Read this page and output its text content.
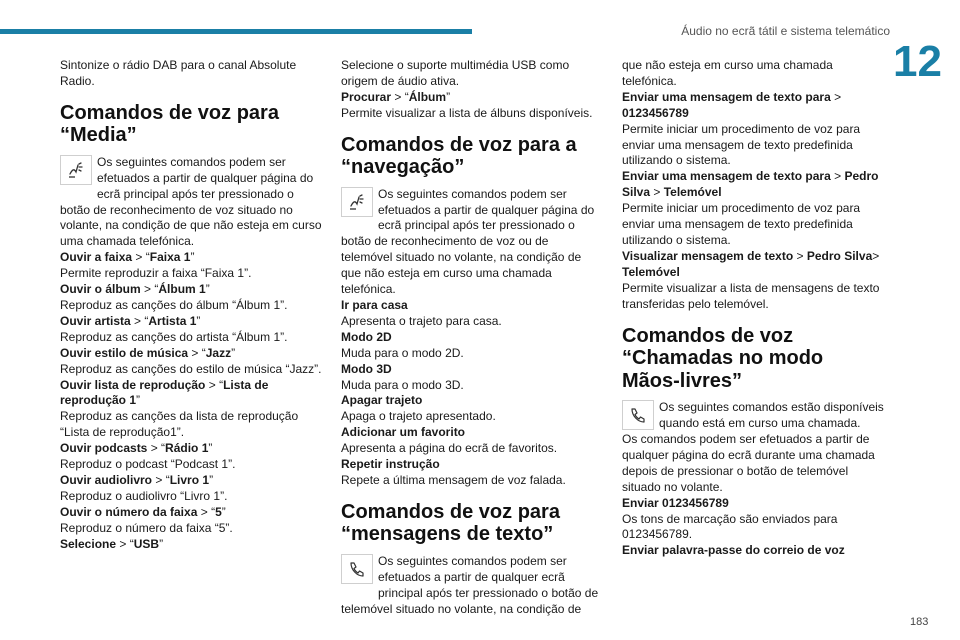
Áudio no ecrã tátil e sistema telemático
12
183

Sintonize o rádio DAB para o canal Absolute Radio.

Comandos de voz para
“Media”
Os seguintes comandos podem ser efetuados a partir de qualquer página do ecrã principal após ter pressionado o botão de reconhecimento de voz situado no volante, na condição de que não esteja em curso uma chamada telefónica.

Ouvir a faixa > “Faixa 1”

Permite reproduzir a faixa “Faixa 1”.

Ouvir o álbum > “Álbum 1”

Reproduz as canções do álbum “Álbum 1”.

Ouvir artista > “Artista 1”

Reproduz as canções do artista “Álbum 1”.

Ouvir estilo de música > “Jazz”

Reproduz as canções do estilo de música “Jazz”.

Ouvir lista de reprodução > “Lista de reprodução 1”

Reproduz as canções da lista de reprodução “Lista de reprodução1”.

Ouvir podcasts > “Rádio 1”

Reproduz o podcast “Podcast 1”.

Ouvir audiolivro > “Livro 1”

Reproduz o audiolivro “Livro 1”.

Ouvir o número da faixa > “5”

Reproduz o número da faixa “5”.

Selecione > “USB”

Selecione o suporte multimédia USB como origem de áudio ativa.

Procurar > “Álbum”

Permite visualizar a lista de álbuns disponíveis.

Comandos de voz para a
“navegação”
Os seguintes comandos podem ser efetuados a partir de qualquer página do ecrã principal após ter pressionado o botão de reconhecimento de voz ou de telemóvel situado no volante, na condição de que não esteja em curso uma chamada telefónica.

Ir para casa

Apresenta o trajeto para casa.

Modo 2D

Muda para o modo 2D.

Modo 3D

Muda para o modo 3D.

Apagar trajeto

Apaga o trajeto apresentado.

Adicionar um favorito

Apresenta a página do ecrã de favoritos.

Repetir instrução

Repete a última mensagem de voz falada.

Comandos de voz para
“mensagens de texto”
Os seguintes comandos podem ser efetuados a partir de qualquer ecrã principal após ter pressionado o botão de telemóvel situado no volante, na condição de

que não esteja em curso uma chamada telefónica.

Enviar uma mensagem de texto para > 0123456789

Permite iniciar um procedimento de voz para enviar uma mensagem de texto predefinida utilizando o sistema.

Enviar uma mensagem de texto para > Pedro Silva > Telemóvel

Permite iniciar um procedimento de voz para enviar uma mensagem de texto predefinida utilizando o sistema.

Visualizar mensagem de texto > Pedro Silva> Telemóvel

Permite visualizar a lista de mensagens de texto transferidas pelo telemóvel.

Comandos de voz
“Chamadas no modo
Mãos-livres”
Os seguintes comandos estão disponíveis quando está em curso uma chamada.

Os comandos podem ser efetuados a partir de qualquer página do ecrã durante uma chamada depois de pressionar o botão de telemóvel situado no volante.

Enviar 0123456789

Os tons de marcação são enviados para 0123456789.

Enviar palavra-passe do correio de voz
